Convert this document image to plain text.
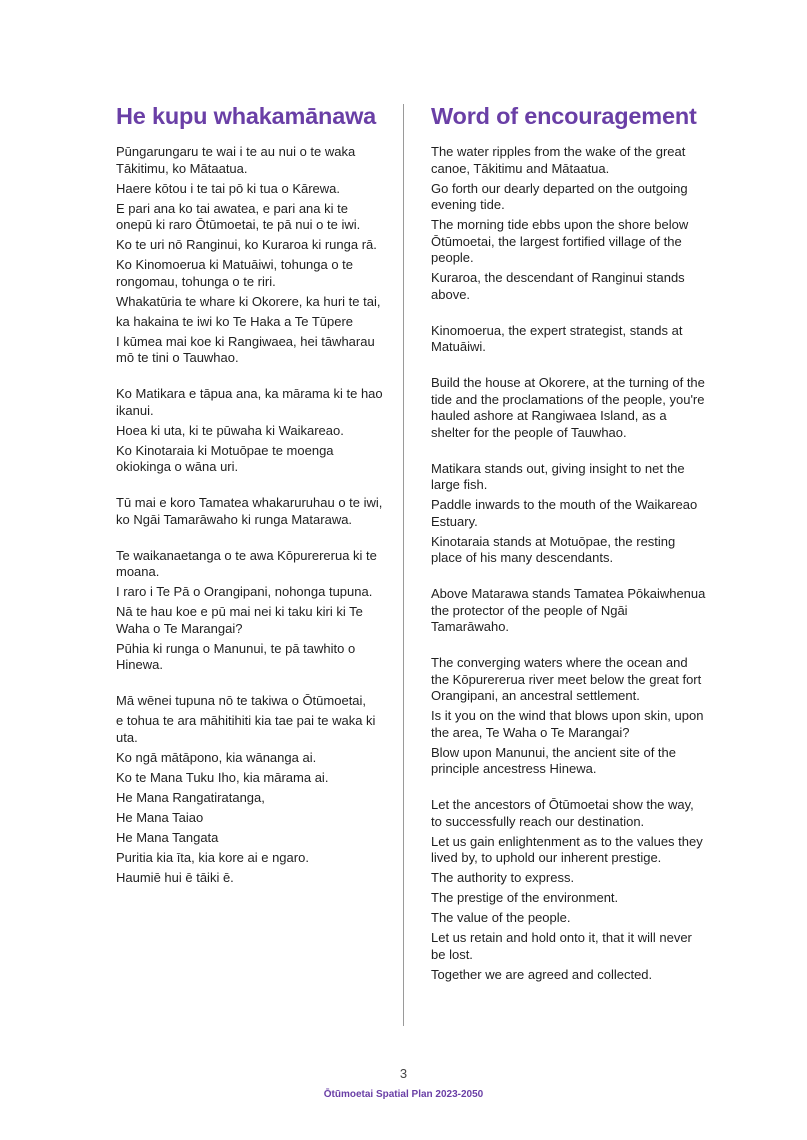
He kupu whakamānawa
Pūngarungaru te wai i te au nui o te waka Tākitimu, ko Mātaatua.
Haere kōtou i te tai pō ki tua o Kārewa.
E pari ana ko tai awatea, e pari ana ki te onepū ki raro Ōtūmoetai, te pā nui o te iwi.
Ko te uri nō Ranginui, ko Kuraroa ki runga rā.
Ko Kinomoerua ki Matuāiwi, tohunga o te rongomau, tohunga o te riri.
Whakatūria te whare ki Okorere, ka huri te tai,
ka hakaina te iwi ko Te Haka a Te Tūpere
I kūmea mai koe ki Rangiwaea, hei tāwharau mō te tini o Tauwhao.
Ko Matikara e tāpua ana, ka mārama ki te hao ikanui.
Hoea ki uta, ki te pūwaha ki Waikareao.
Ko Kinotaraia ki Motuōpae te moenga okiokinga o wāna uri.
Tū mai e koro Tamatea whakaruruhau o te iwi, ko Ngāi Tamarāwaho ki runga Matarawa.
Te waikanaetanga o te awa Kōpurererua ki te moana.
I raro i Te Pā o Orangipani, nohonga tupuna.
Nā te hau koe e pū mai nei ki taku kiri ki Te Waha o Te Marangai?
Pūhia ki runga o Manunui, te pā tawhito o Hinewa.
Mā wēnei tupuna nō te takiwa o Ōtūmoetai,
e tohua te ara māhitihiti kia tae pai te waka ki uta.
Ko ngā mātāpono, kia wānanga ai.
Ko te Mana Tuku Iho, kia mārama ai.
He Mana Rangatiratanga,
He Mana Taiao
He Mana Tangata
Puritia kia īta, kia kore ai e ngaro.
Haumiē hui ē tāiki ē.
Word of encouragement
The water ripples from the wake of the great canoe, Tākitimu and Mātaatua.
Go forth our dearly departed on the outgoing evening tide.
The morning tide ebbs upon the shore below Ōtūmoetai, the largest fortified village of the people.
Kuraroa, the descendant of Ranginui stands above.
Kinomoerua, the expert strategist, stands at Matuāiwi.
Build the house at Okorere, at the turning of the tide and the proclamations of the people, you're hauled ashore at Rangiwaea Island, as a shelter for the people of Tauwhao.
Matikara stands out, giving insight to net the large fish.
Paddle inwards to the mouth of the Waikareao Estuary.
Kinotaraia stands at Motuōpae, the resting place of his many descendants.
Above Matarawa stands Tamatea Pōkaiwhenua the protector of the people of Ngāi Tamarāwaho.
The converging waters where the ocean and the Kōpurererua river meet below the great fort Orangipani, an ancestral settlement.
Is it you on the wind that blows upon skin, upon the area, Te Waha o Te Marangai?
Blow upon Manunui, the ancient site of the principle ancestress Hinewa.
Let the ancestors of Ōtūmoetai show the way, to successfully reach our destination.
Let us gain enlightenment as to the values they lived by, to uphold our inherent prestige.
The authority to express.
The prestige of the environment.
The value of the people.
Let us retain and hold onto it, that it will never be lost.
Together we are agreed and collected.
3
Ōtūmoetai Spatial Plan 2023-2050
